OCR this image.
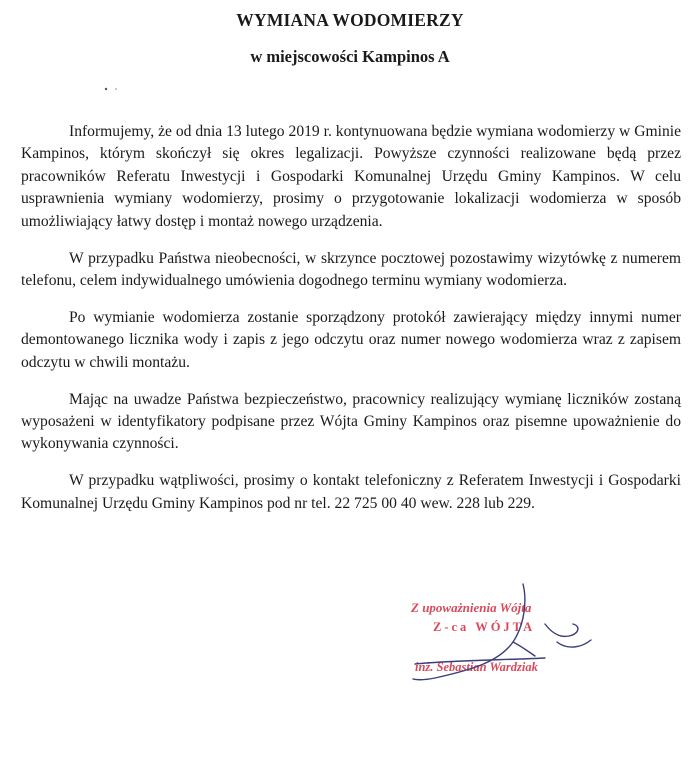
WYMIANA WODOMIERZY
w miejscowości Kampinos A

Informujemy, że od dnia 13 lutego 2019 r. kontynuowana będzie wymiana wodomierzy w Gminie Kampinos, którym skończył się okres legalizacji. Powyższe czynności realizowane będą przez pracowników Referatu Inwestycji i Gospodarki Komunalnej Urzędu Gminy Kampinos. W celu usprawnienia wymiany wodomierzy, prosimy o przygotowanie lokalizacji wodomierza w sposób umożliwiający łatwy dostęp i montaż nowego urządzenia.

W przypadku Państwa nieobecności, w skrzynce pocztowej pozostawimy wizytówkę z numerem telefonu, celem indywidualnego umówienia dogodnego terminu wymiany wodomierza.

Po wymianie wodomierza zostanie sporządzony protokół zawierający między innymi numer demontowanego licznika wody i zapis z jego odczytu oraz numer nowego wodomierza wraz z zapisem odczytu w chwili montażu.

Mając na uwadze Państwa bezpieczeństwo, pracownicy realizujący wymianę liczników zostaną wyposażeni w identyfikatory podpisane przez Wójta Gminy Kampinos oraz pisemne upoważnienie do wykonywania czynności.

W przypadku wątpliwości, prosimy o kontakt telefoniczny z Referatem Inwestycji i Gospodarki Komunalnej Urzędu Gminy Kampinos pod nr tel. 22 725 00 40 wew. 228 lub 229.

Z upoważnienia Wójta
Z-ca WÓJTA
inż. Sebastian Wardziak
